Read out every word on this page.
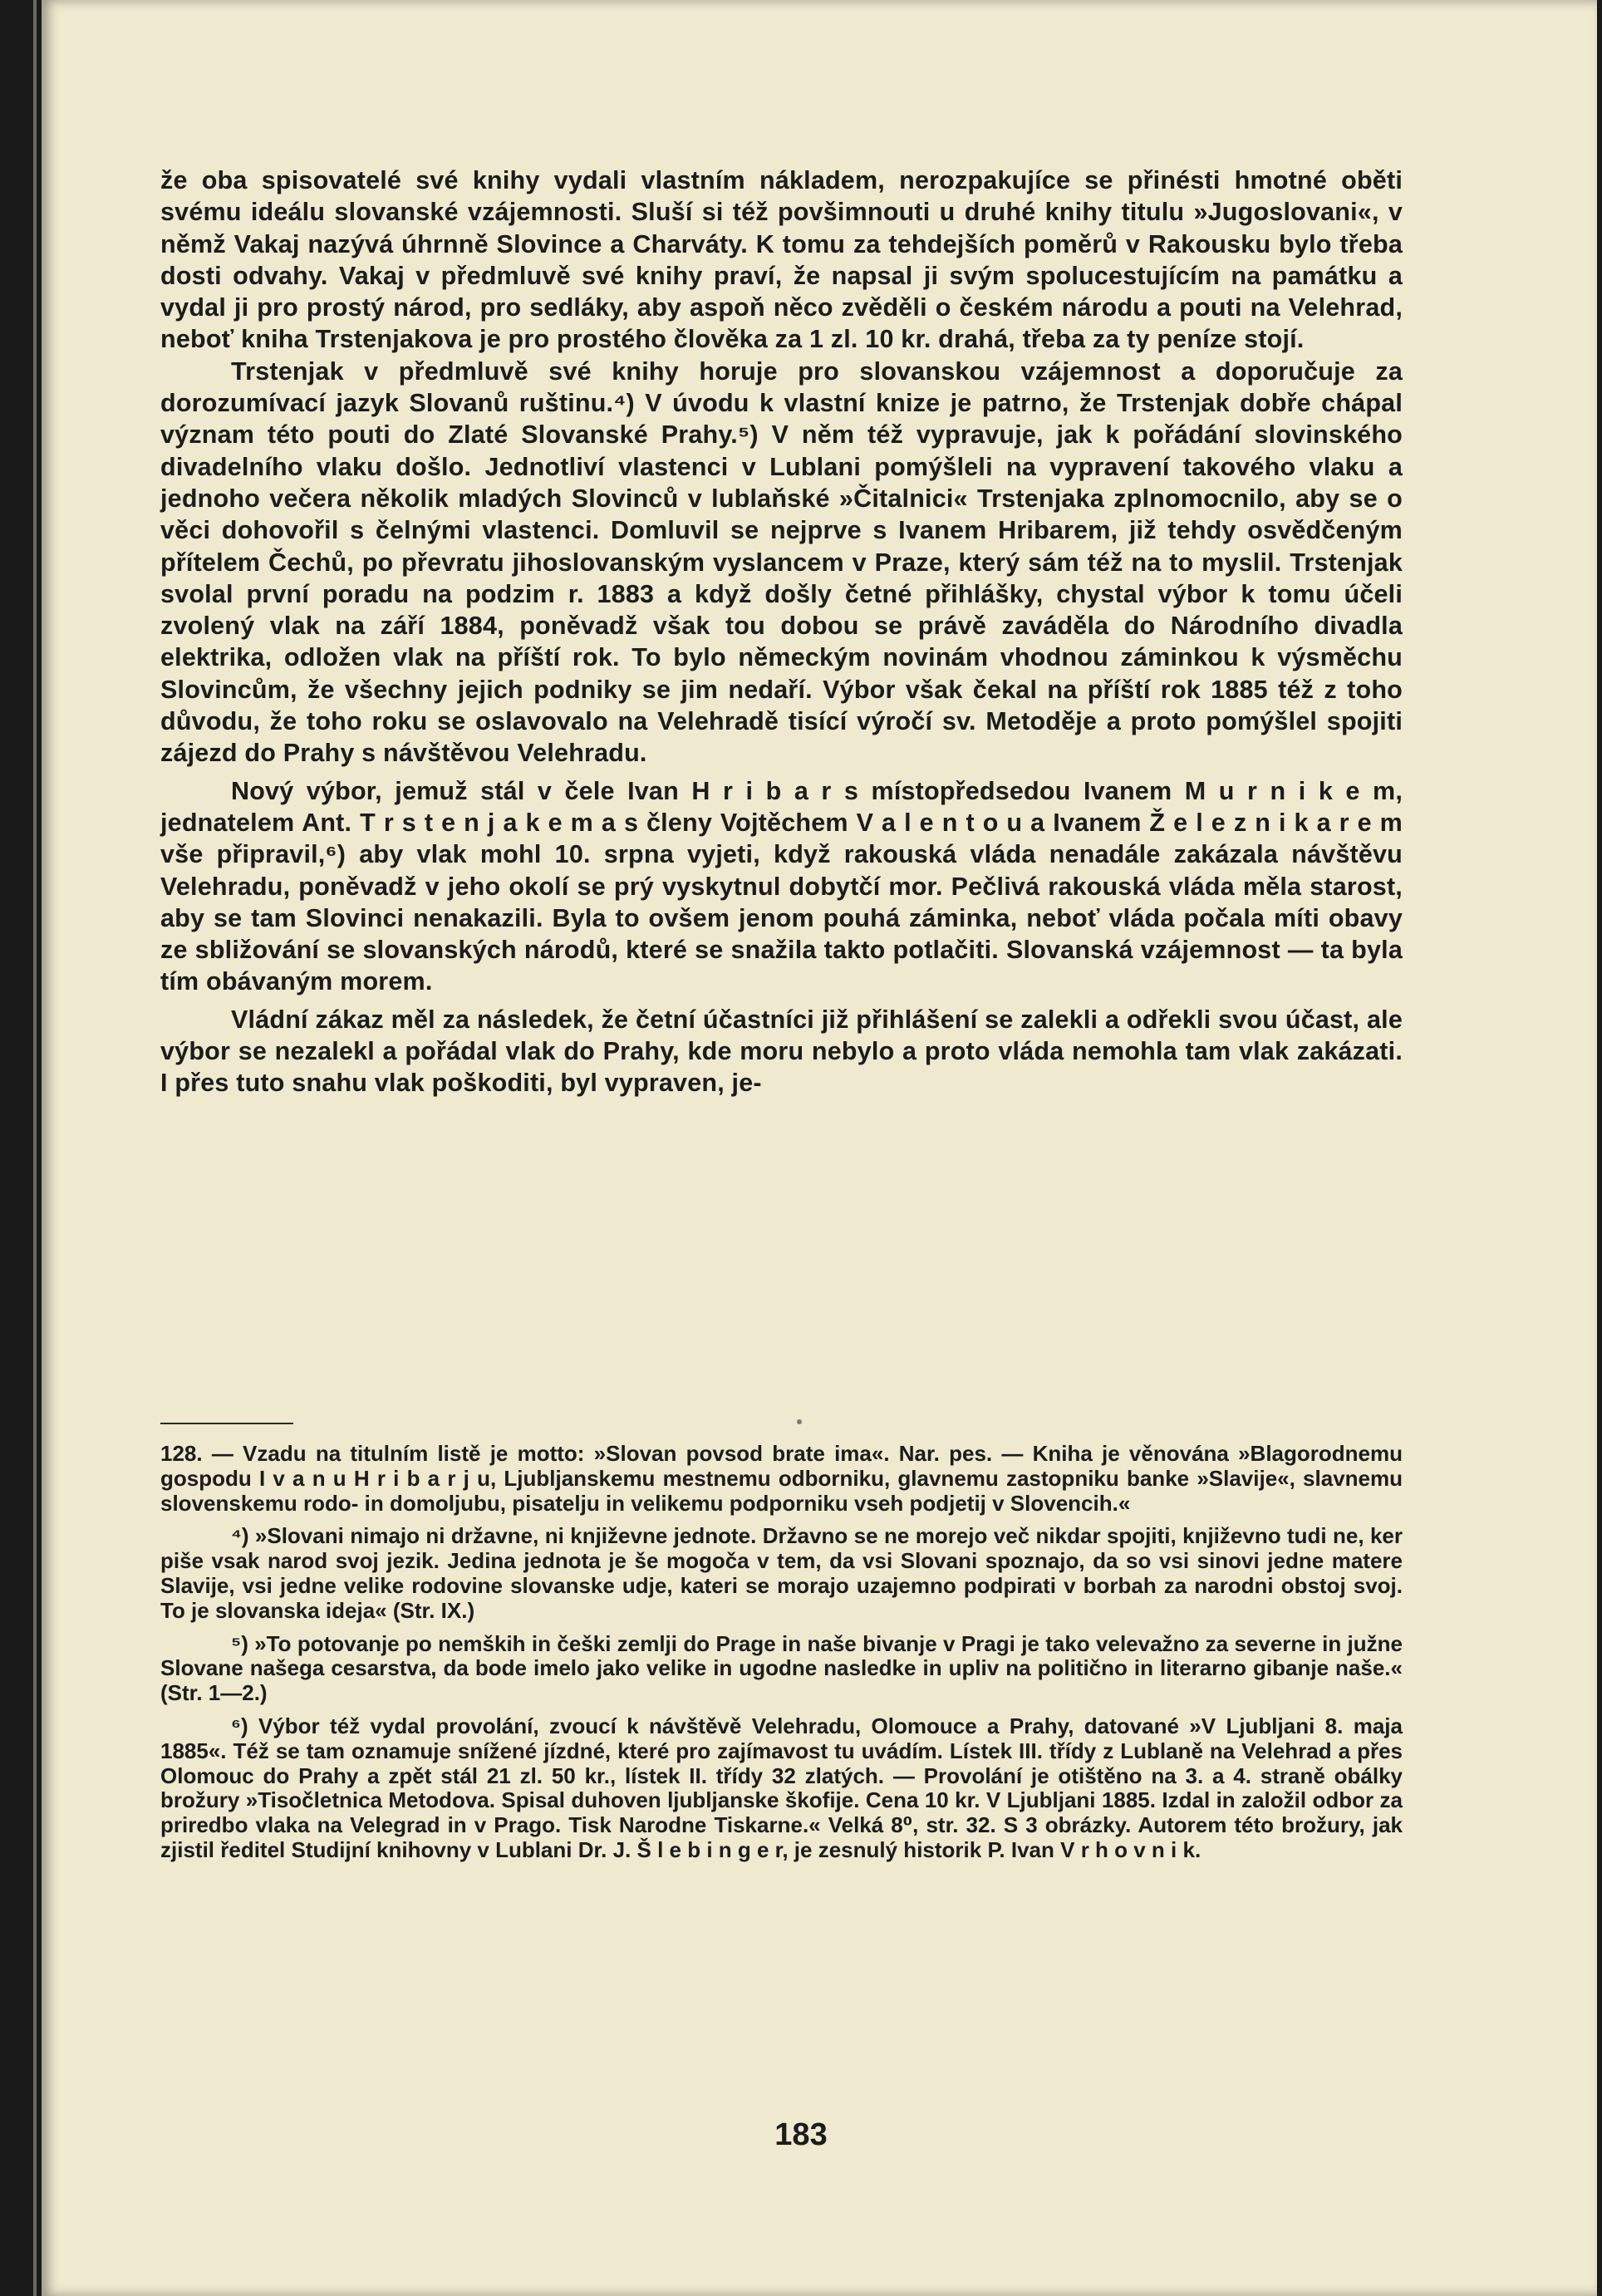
že oba spisovatelé své knihy vydali vlastním nákladem, nerozpakujíce se přinésti hmotné oběti svému ideálu slovanské vzájemnosti. Sluší si též povšimnouti u druhé knihy titulu »Jugoslovani«, v němž Vakaj nazývá úhrnně Slovince a Charváty. K tomu za tehdejších poměrů v Rakousku bylo třeba dosti odvahy. Vakaj v předmluvě své knihy praví, že napsal ji svým spolucestujícím na památku a vydal ji pro prostý národ, pro sedláky, aby aspoň něco zvěděli o českém národu a pouti na Velehrad, neboť kniha Trstenjakova je pro prostého člověka za 1 zl. 10 kr. drahá, třeba za ty peníze stojí.

Trstenjak v předmluvě své knihy horuje pro slovanskou vzájemnost a doporučuje za dorozumívací jazyk Slovanů ruštinu.⁴) V úvodu k vlastní knize je patrno, že Trstenjak dobře chápal význam této pouti do Zlaté Slovanské Prahy.⁵) V něm též vypravuje, jak k pořádání slovinského divadelního vlaku došlo. Jednotliví vlastenci v Lublani pomýšleli na vypravení takového vlaku a jednoho večera několik mladých Slovinců v lublaňské »Čitalnici« Trstenjaka zplnomocnilo, aby se o věci dohovořil s čelnými vlastenci. Domluvil se nejprve s Ivanem Hribarem, již tehdy osvědčeným přítelem Čechů, po převratu jihoslovanským vyslancem v Praze, který sám též na to myslil. Trstenjak svolal první poradu na podzim r. 1883 a když došly četné přihlášky, chystal výbor k tomu účeli zvolený vlak na září 1884, poněvadž však tou dobou se právě zaváděla do Národního divadla elektrika, odložen vlak na příští rok. To bylo německým novinám vhodnou záminkou k výsměchu Slovincům, že všechny jejich podniky se jim nedaří. Výbor však čekal na příští rok 1885 též z toho důvodu, že toho roku se oslavovalo na Velehradě tisící výročí sv. Metoděje a proto pomýšlel spojiti zájezd do Prahy s návštěvou Velehradu.

Nový výbor, jemuž stál v čele Ivan H r i b a r s místopředsedou Ivanem M u r n i k e m, jednatelem Ant. T r s t e n j a k e m a s členy Vojtěchem V a l e n t o u a Ivanem Ž e l e z n i k a r e m vše připravil,⁶) aby vlak mohl 10. srpna vyjeti, když rakouská vláda nenadále zakázala návštěvu Velehradu, poněvadž v jeho okolí se prý vyskytnul dobytčí mor. Pečlivá rakouská vláda měla starost, aby se tam Slovinci nenakazili. Byla to ovšem jenom pouhá záminka, neboť vláda počala míti obavy ze sbližování se slovanských národů, které se snažila takto potlačiti. Slovanská vzájemnost — ta byla tím obávaným morem.

Vládní zákaz měl za následek, že četní účastníci již přihlášení se zalekli a odřekli svou účast, ale výbor se nezalekl a pořádal vlak do Prahy, kde moru nebylo a proto vláda nemohla tam vlak zakázati. I přes tuto snahu vlak poškoditi, byl vypraven, je-

128. — Vzadu na titulním listě je motto: »Slovan povsod brate ima«. Nar. pes. — Kniha je věnována »Blagorodnemu gospodu I v a n u H r i b a r j u, Ljubljanskemu mestnemu odborniku, glavnemu zastopniku banke »Slavije«, slavnemu slovenskemu rodo- in domoljubu, pisatelju in velikemu podporniku vseh podjetij v Slovencih.«

⁴) »Slovani nimajo ni državne, ni književne jednote. Državno se ne morejo več nikdar spojiti, književno tudi ne, ker piše vsak narod svoj jezik. Jedina jednota je še mogoča v tem, da vsi Slovani spoznajo, da so vsi sinovi jedne matere Slavije, vsi jedne velike rodovine slovanske udje, kateri se morajo uzajemno podpirati v borbah za narodni obstoj svoj. To je slovanska ideja« (Str. IX.)

⁵) »To potovanje po nemških in češki zemlji do Prage in naše bivanje v Pragi je tako velevažno za severne in južne Slovane našega cesarstva, da bode imelo jako velike in ugodne nasledke in upliv na politično in literarno gibanje naše.« (Str. 1—2.)

⁶) Výbor též vydal provolání, zvoucí k návštěvě Velehradu, Olomouce a Prahy, datované »V Ljubljani 8. maja 1885«. Též se tam oznamuje snížené jízdné, které pro zajímavost tu uvádím. Lístek III. třídy z Lublaně na Velehrad a přes Olomouc do Prahy a zpět stál 21 zl. 50 kr., lístek II. třídy 32 zlatých. — Provolání je otištěno na 3. a 4. straně obálky brožury »Tisočletnica Metodova. Spisal duhoven ljubljanske škofije. Cena 10 kr. V Ljubljani 1885. Izdal in založil odbor za priredbo vlaka na Velegrad in v Prago. Tisk Narodne Tiskarne.« Velká 8⁰, str. 32. S 3 obrázky. Autorem této brožury, jak zjistil ředitel Studijní knihovny v Lublani Dr. J. Š l e b i n g e r, je zesnulý historik P. Ivan V r h o v n i k.

183
